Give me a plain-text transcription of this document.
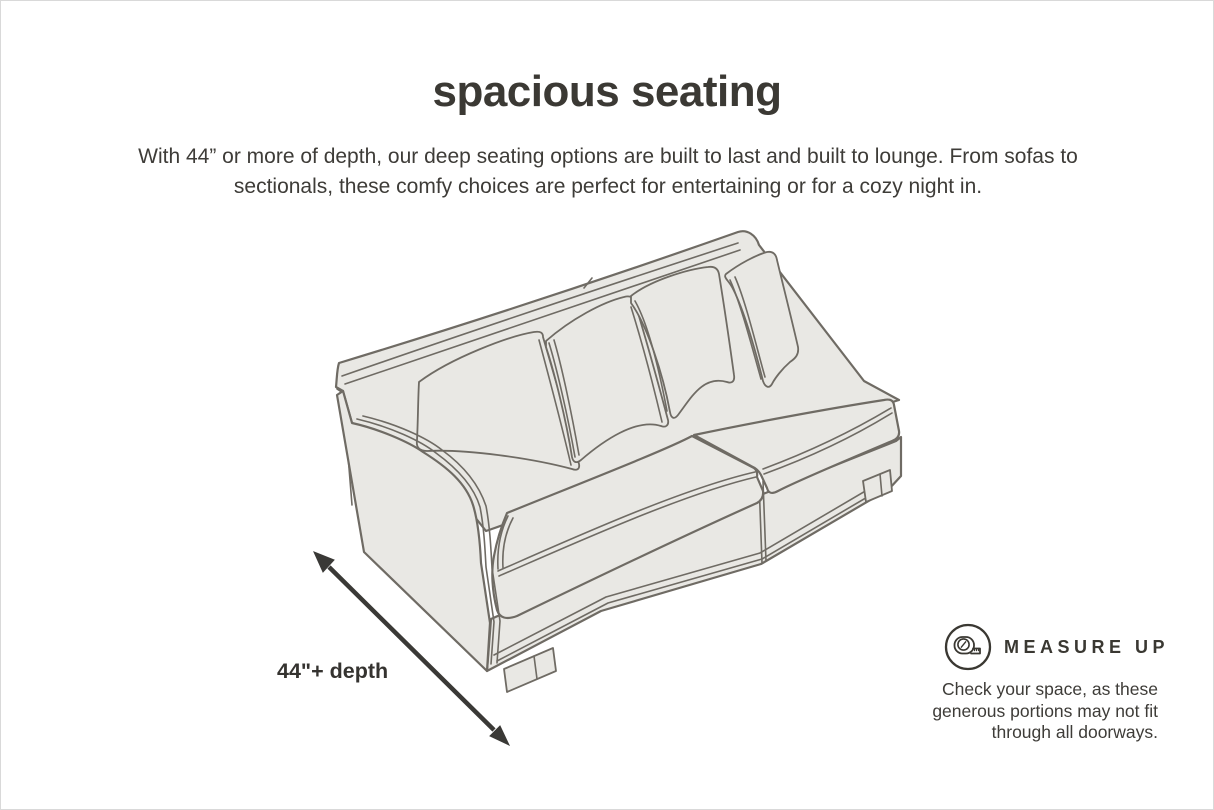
spacious seating
With 44” or more of depth, our deep seating options are built to last and built to lounge. From sofas to sectionals, these comfy choices are perfect for entertaining or for a cozy night in.
44"+ depth
MEASURE UP
Check your space, as these generous portions may not fit through all doorways.
